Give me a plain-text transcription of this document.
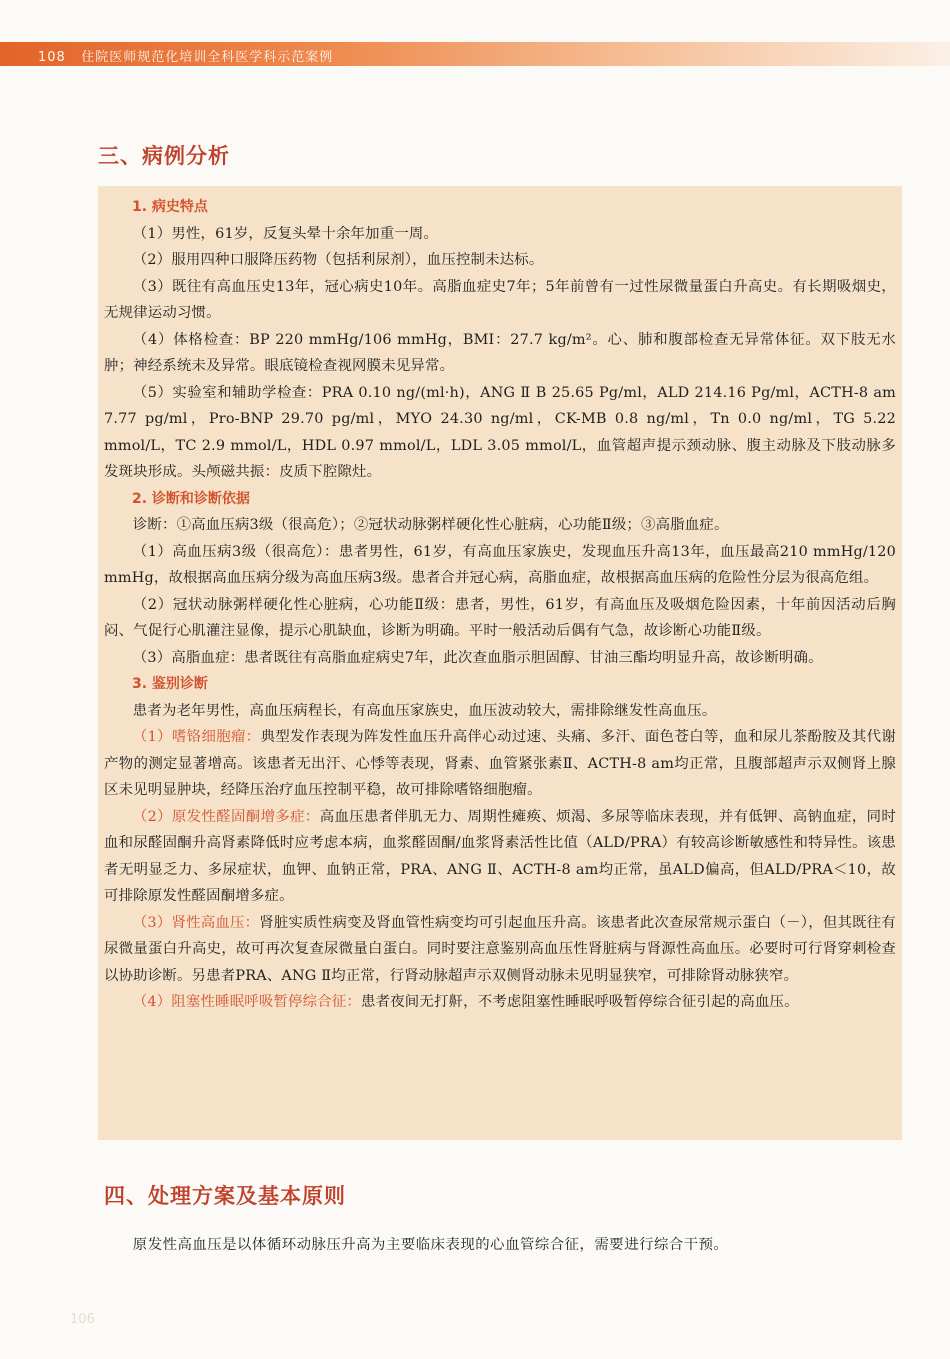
108 住院医师规范化培训全科医学科示范案例
三、病例分析
1. 病史特点

（1）男性，61岁，反复头晕十余年加重一周。

（2）服用四种口服降压药物（包括利尿剂），血压控制未达标。

（3）既往有高血压史13年，冠心病史10年。高脂血症史7年；5年前曾有一过性尿微量蛋白升高史。有长期吸烟史，无规律运动习惯。

（4）体格检查：BP 220 mmHg/106 mmHg，BMI：27.7 kg/m²。心、肺和腹部检查无异常体征。双下肢无水肿；神经系统未及异常。眼底镜检查视网膜未见异常。

（5）实验室和辅助学检查：PRA 0.10 ng/(ml·h)，ANG Ⅱ B 25.65 Pg/ml，ALD 214.16 Pg/ml，ACTH-8 am 7.77 pg/ml，Pro-BNP 29.70 pg/ml，MYO 24.30 ng/ml，CK-MB 0.8 ng/ml，Tn 0.0 ng/ml，TG 5.22 mmol/L，TC 2.9 mmol/L，HDL 0.97 mmol/L，LDL 3.05 mmol/L，血管超声提示颈动脉、腹主动脉及下肢动脉多发斑块形成。头颅磁共振：皮质下腔隙灶。

2. 诊断和诊断依据

诊断：①高血压病3级（很高危）；②冠状动脉粥样硬化性心脏病，心功能Ⅱ级；③高脂血症。

（1）高血压病3级（很高危）：患者男性，61岁，有高血压家族史，发现血压升高13年，血压最高210 mmHg/120 mmHg，故根据高血压病分级为高血压病3级。患者合并冠心病，高脂血症，故根据高血压病的危险性分层为很高危组。

（2）冠状动脉粥样硬化性心脏病，心功能Ⅱ级：患者，男性，61岁，有高血压及吸烟危险因素，十年前因活动后胸闷、气促行心肌灌注显像，提示心肌缺血，诊断为明确。平时一般活动后偶有气急，故诊断心功能Ⅱ级。

（3）高脂血症：患者既往有高脂血症病史7年，此次查血脂示胆固醇、甘油三酯均明显升高，故诊断明确。

3. 鉴别诊断

患者为老年男性，高血压病程长，有高血压家族史，血压波动较大，需排除继发性高血压。

（1）嗜铬细胞瘤：典型发作表现为阵发性血压升高伴心动过速、头痛、多汗、面色苍白等，血和尿儿茶酚胺及其代谢产物的测定显著增高。该患者无出汗、心悸等表现，肾素、血管紧张素Ⅱ、ACTH-8 am均正常，且腹部超声示双侧肾上腺区未见明显肿块，经降压治疗血压控制平稳，故可排除嗜铬细胞瘤。

（2）原发性醛固酮增多症：高血压患者伴肌无力、周期性瘫痪、烦渴、多尿等临床表现，并有低钾、高钠血症，同时血和尿醛固酮升高肾素降低时应考虑本病，血浆醛固酮/血浆肾素活性比值（ALD/PRA）有较高诊断敏感性和特异性。该患者无明显乏力、多尿症状，血钾、血钠正常，PRA、ANG Ⅱ、ACTH-8 am均正常，虽ALD偏高，但ALD/PRA＜10，故可排除原发性醛固酮增多症。

（3）肾性高血压：肾脏实质性病变及肾血管性病变均可引起血压升高。该患者此次查尿常规示蛋白（－），但其既往有尿微量蛋白升高史，故可再次复查尿微量白蛋白。同时要注意鉴别高血压性肾脏病与肾源性高血压。必要时可行肾穿刺检查以协助诊断。另患者PRA、ANG Ⅱ均正常，行肾动脉超声示双侧肾动脉未见明显狭窄，可排除肾动脉狭窄。

（4）阻塞性睡眠呼吸暂停综合征：患者夜间无打鼾，不考虑阻塞性睡眠呼吸暂停综合征引起的高血压。

四、处理方案及基本原则
原发性高血压是以体循环动脉压升高为主要临床表现的心血管综合征，需要进行综合干预。
106
